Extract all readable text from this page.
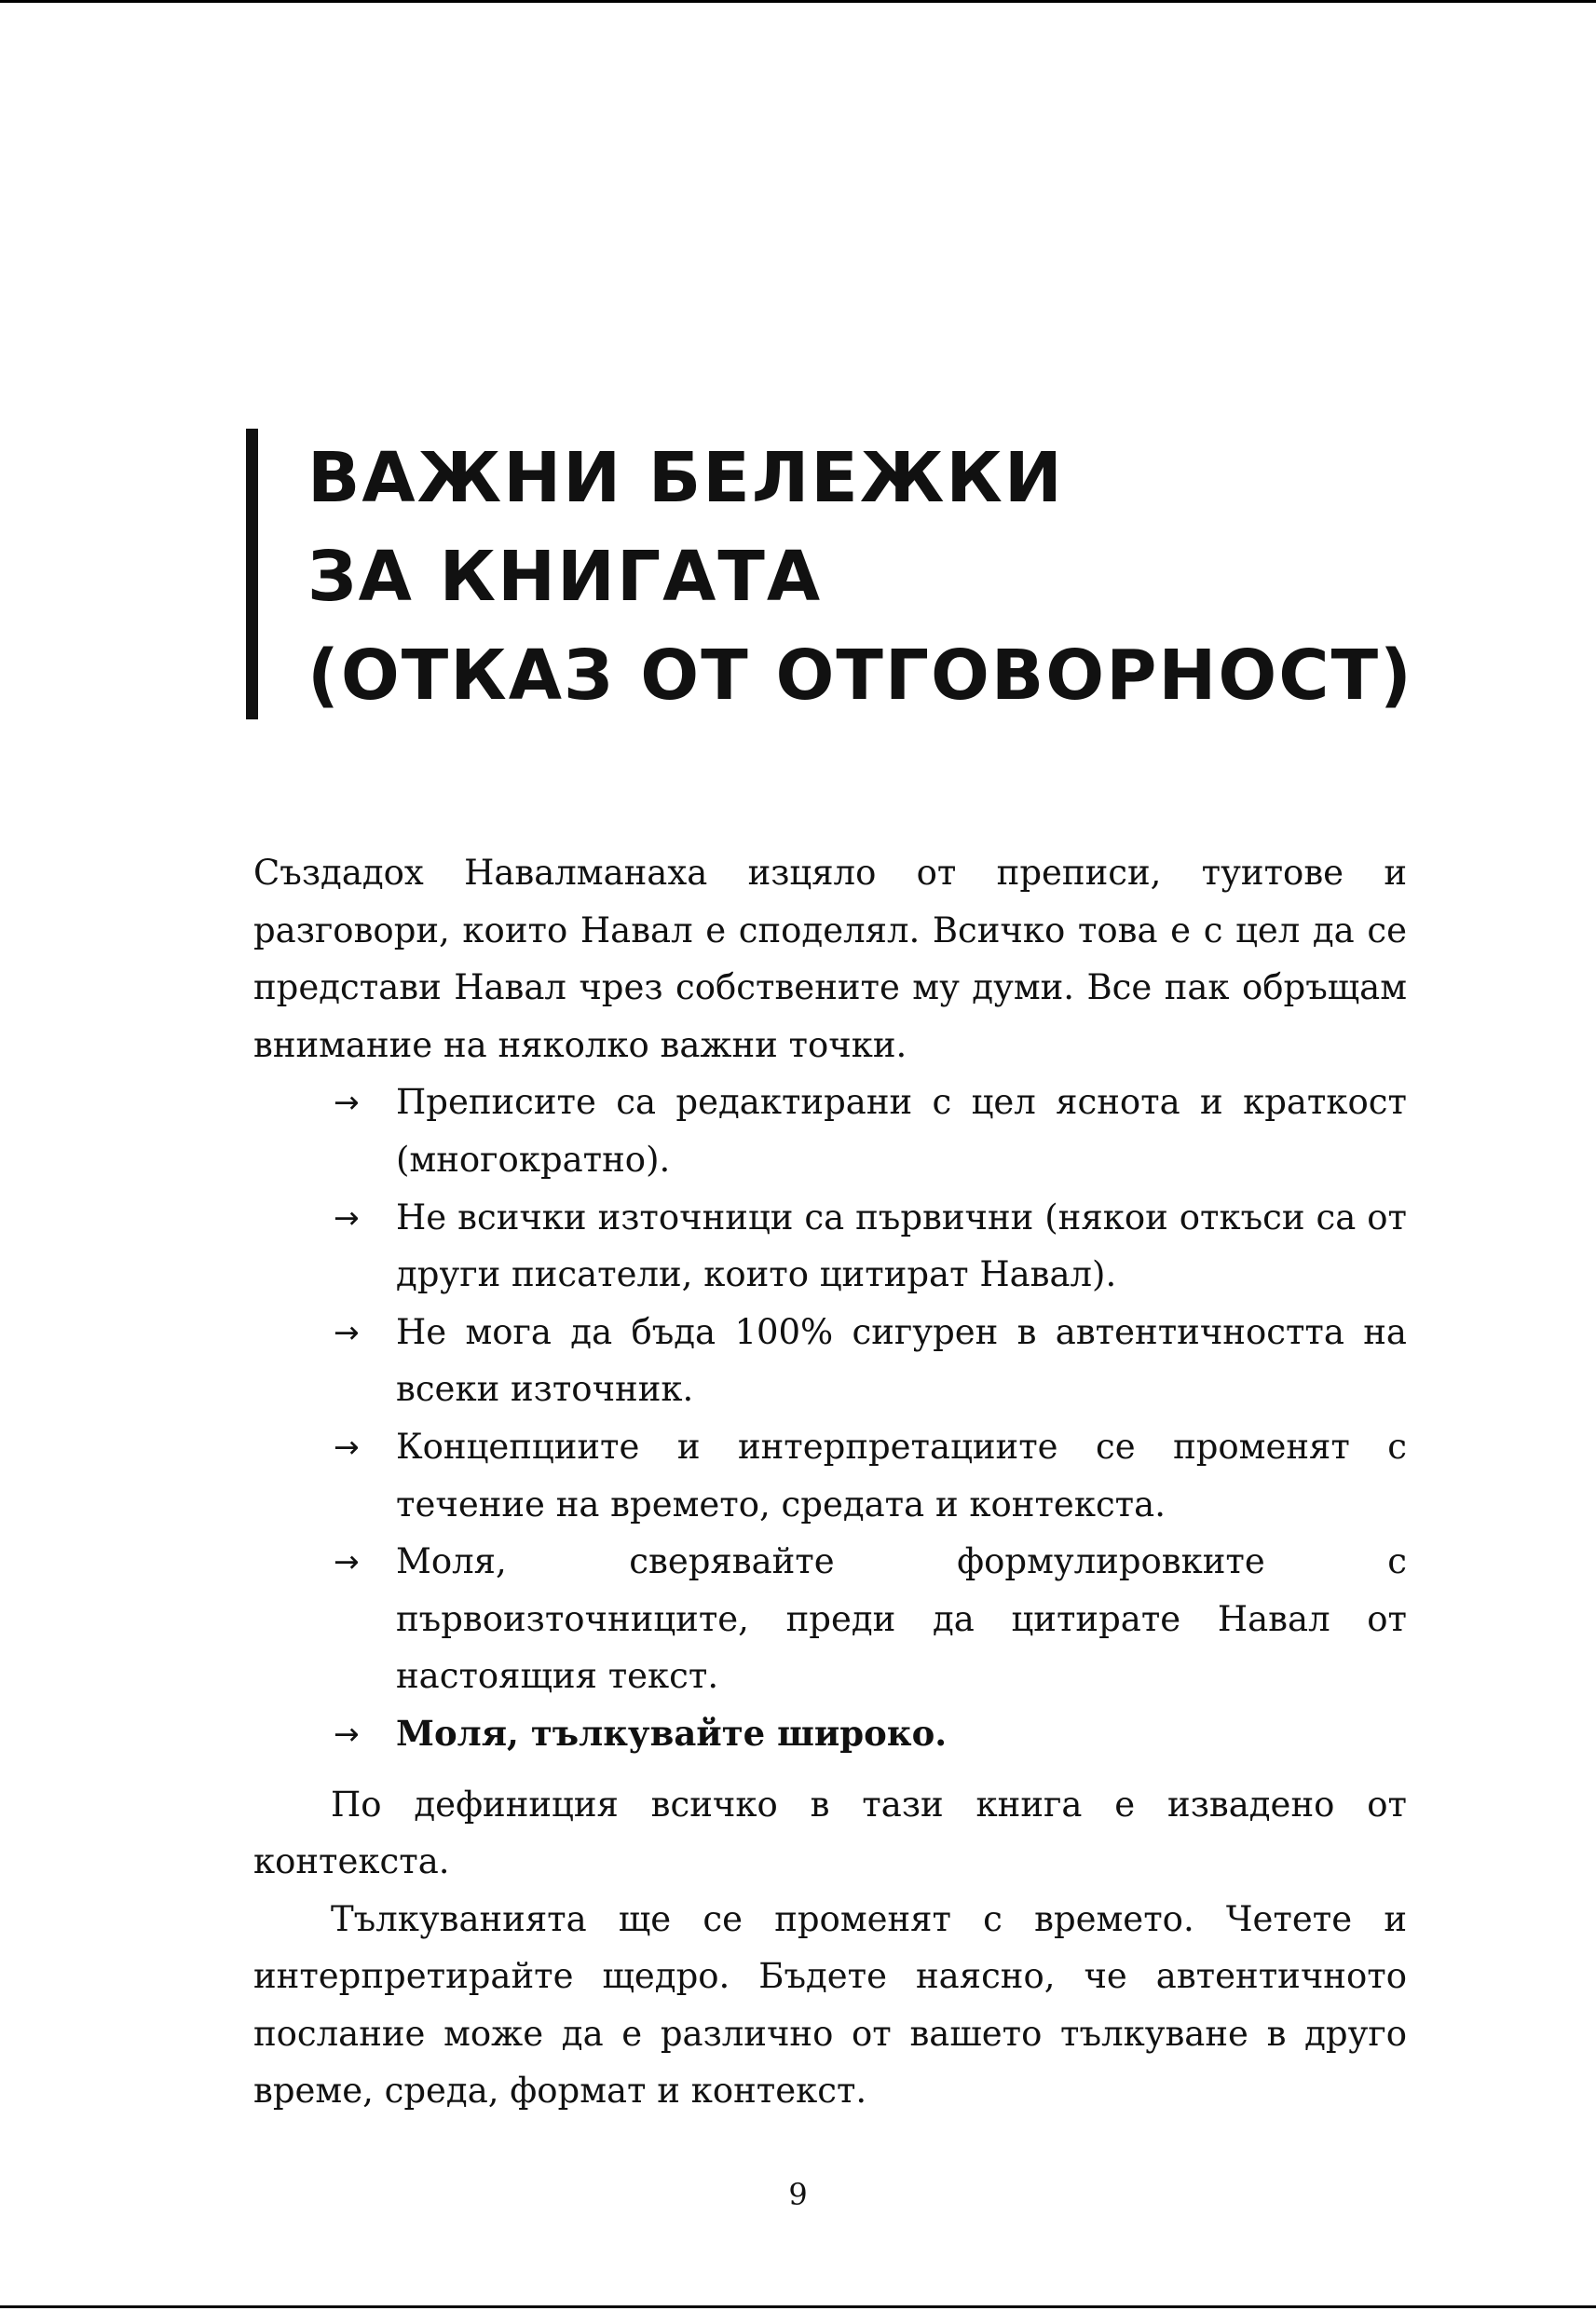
ВАЖНИ БЕЛЕЖКИ
ЗА КНИГАТА
(ОТКАЗ ОТ ОТГОВОРНОСТ)

Създадох Навалманаха изцяло от преписи, туитове и разговори, които Навал е споделял. Всичко това е с цел да се представи Навал чрез собствените му думи. Все пак обръщам внимание на няколко важни точки.

→ Преписите са редактирани с цел яснота и краткост (многократно).
→ Не всички източници са първични (някои откъси са от други писатели, които цитират Навал).
→ Не мога да бъда 100% сигурен в автентичността на всеки източник.
→ Концепциите и интерпретациите се променят с течение на времето, средата и контекста.
→ Моля, сверявайте формулировките с първоизточниците, преди да цитирате Навал от настоящия текст.
→ Моля, тълкувайте широко.

По дефиниция всичко в тази книга е извадено от контекста.

Тълкуванията ще се променят с времето. Четете и интерпретирайте щедро. Бъдете наясно, че автентичното послание може да е различно от вашето тълкуване в друго време, среда, формат и контекст.

9
